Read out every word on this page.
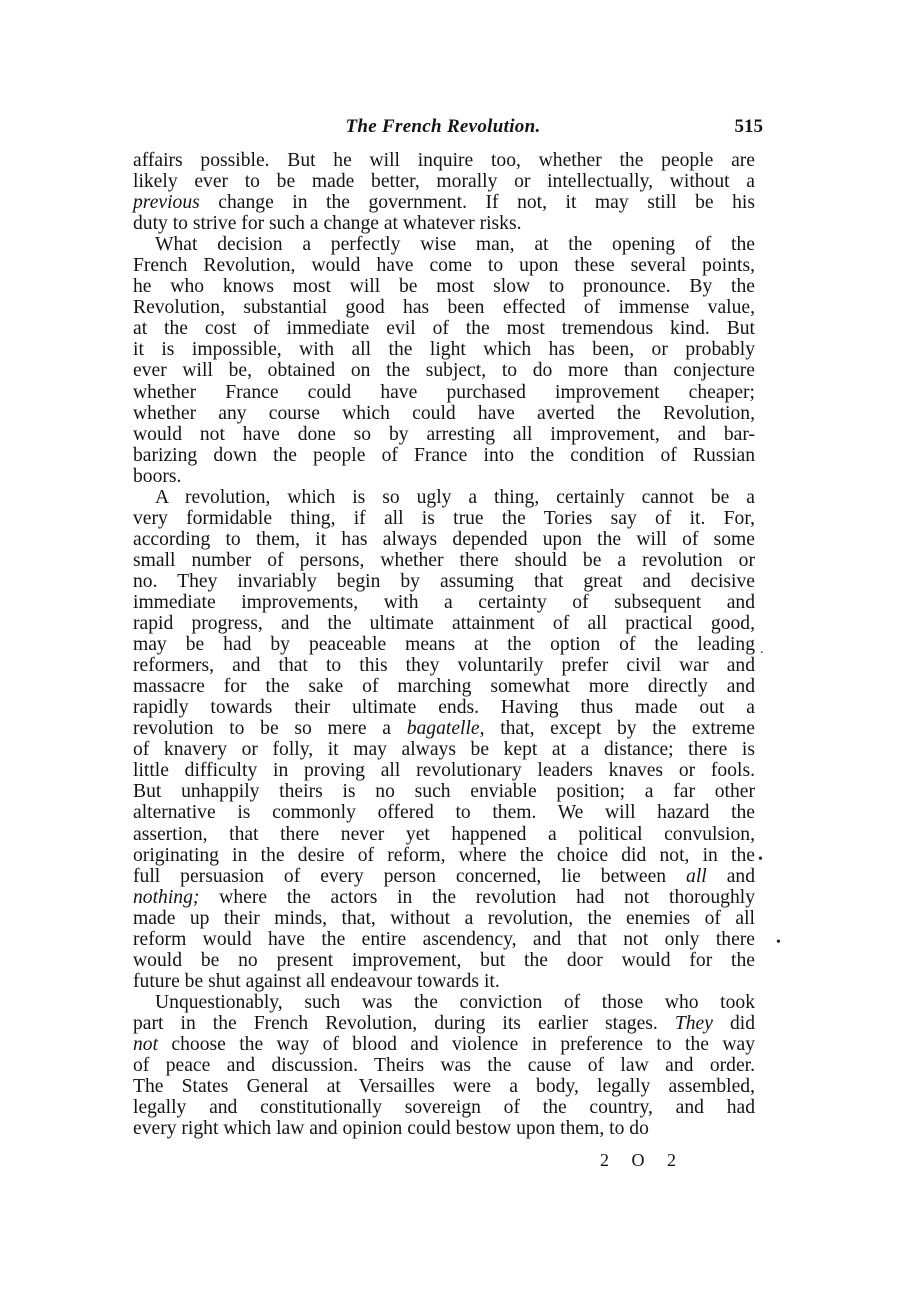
The French Revolution.	515

affairs possible. But he will inquire too, whether the people are
likely ever to be made better, morally or intellectually, without a
previous change in the government. If not, it may still be his
duty to strive for such a change at whatever risks.

What decision a perfectly wise man, at the opening of the
French Revolution, would have come to upon these several points,
he who knows most will be most slow to pronounce. By the
Revolution, substantial good has been effected of immense value,
at the cost of immediate evil of the most tremendous kind. But
it is impossible, with all the light which has been, or probably
ever will be, obtained on the subject, to do more than conjecture
whether France could have purchased improvement cheaper;
whether any course which could have averted the Revolution,
would not have done so by arresting all improvement, and bar-
barizing down the people of France into the condition of Russian
boors.

A revolution, which is so ugly a thing, certainly cannot be a
very formidable thing, if all is true the Tories say of it. For,
according to them, it has always depended upon the will of some
small number of persons, whether there should be a revolution or
no. They invariably begin by assuming that great and decisive
immediate improvements, with a certainty of subsequent and
rapid progress, and the ultimate attainment of all practical good,
may be had by peaceable means at the option of the leading
reformers, and that to this they voluntarily prefer civil war and
massacre for the sake of marching somewhat more directly and
rapidly towards their ultimate ends. Having thus made out a
revolution to be so mere a bagatelle, that, except by the extreme
of knavery or folly, it may always be kept at a distance; there is
little difficulty in proving all revolutionary leaders knaves or fools.
But unhappily theirs is no such enviable position; a far other
alternative is commonly offered to them. We will hazard the
assertion, that there never yet happened a political convulsion,
originating in the desire of reform, where the choice did not, in the
full persuasion of every person concerned, lie between all and
nothing; where the actors in the revolution had not thoroughly
made up their minds, that, without a revolution, the enemies of all
reform would have the entire ascendency, and that not only there
would be no present improvement, but the door would for the
future be shut against all endeavour towards it.

Unquestionably, such was the conviction of those who took
part in the French Revolution, during its earlier stages. They did
not choose the way of blood and violence in preference to the way
of peace and discussion. Theirs was the cause of law and order.
The States General at Versailles were a body, legally assembled,
legally and constitutionally sovereign of the country, and had
every right which law and opinion could bestow upon them, to do

2 O 2
.
•
•
